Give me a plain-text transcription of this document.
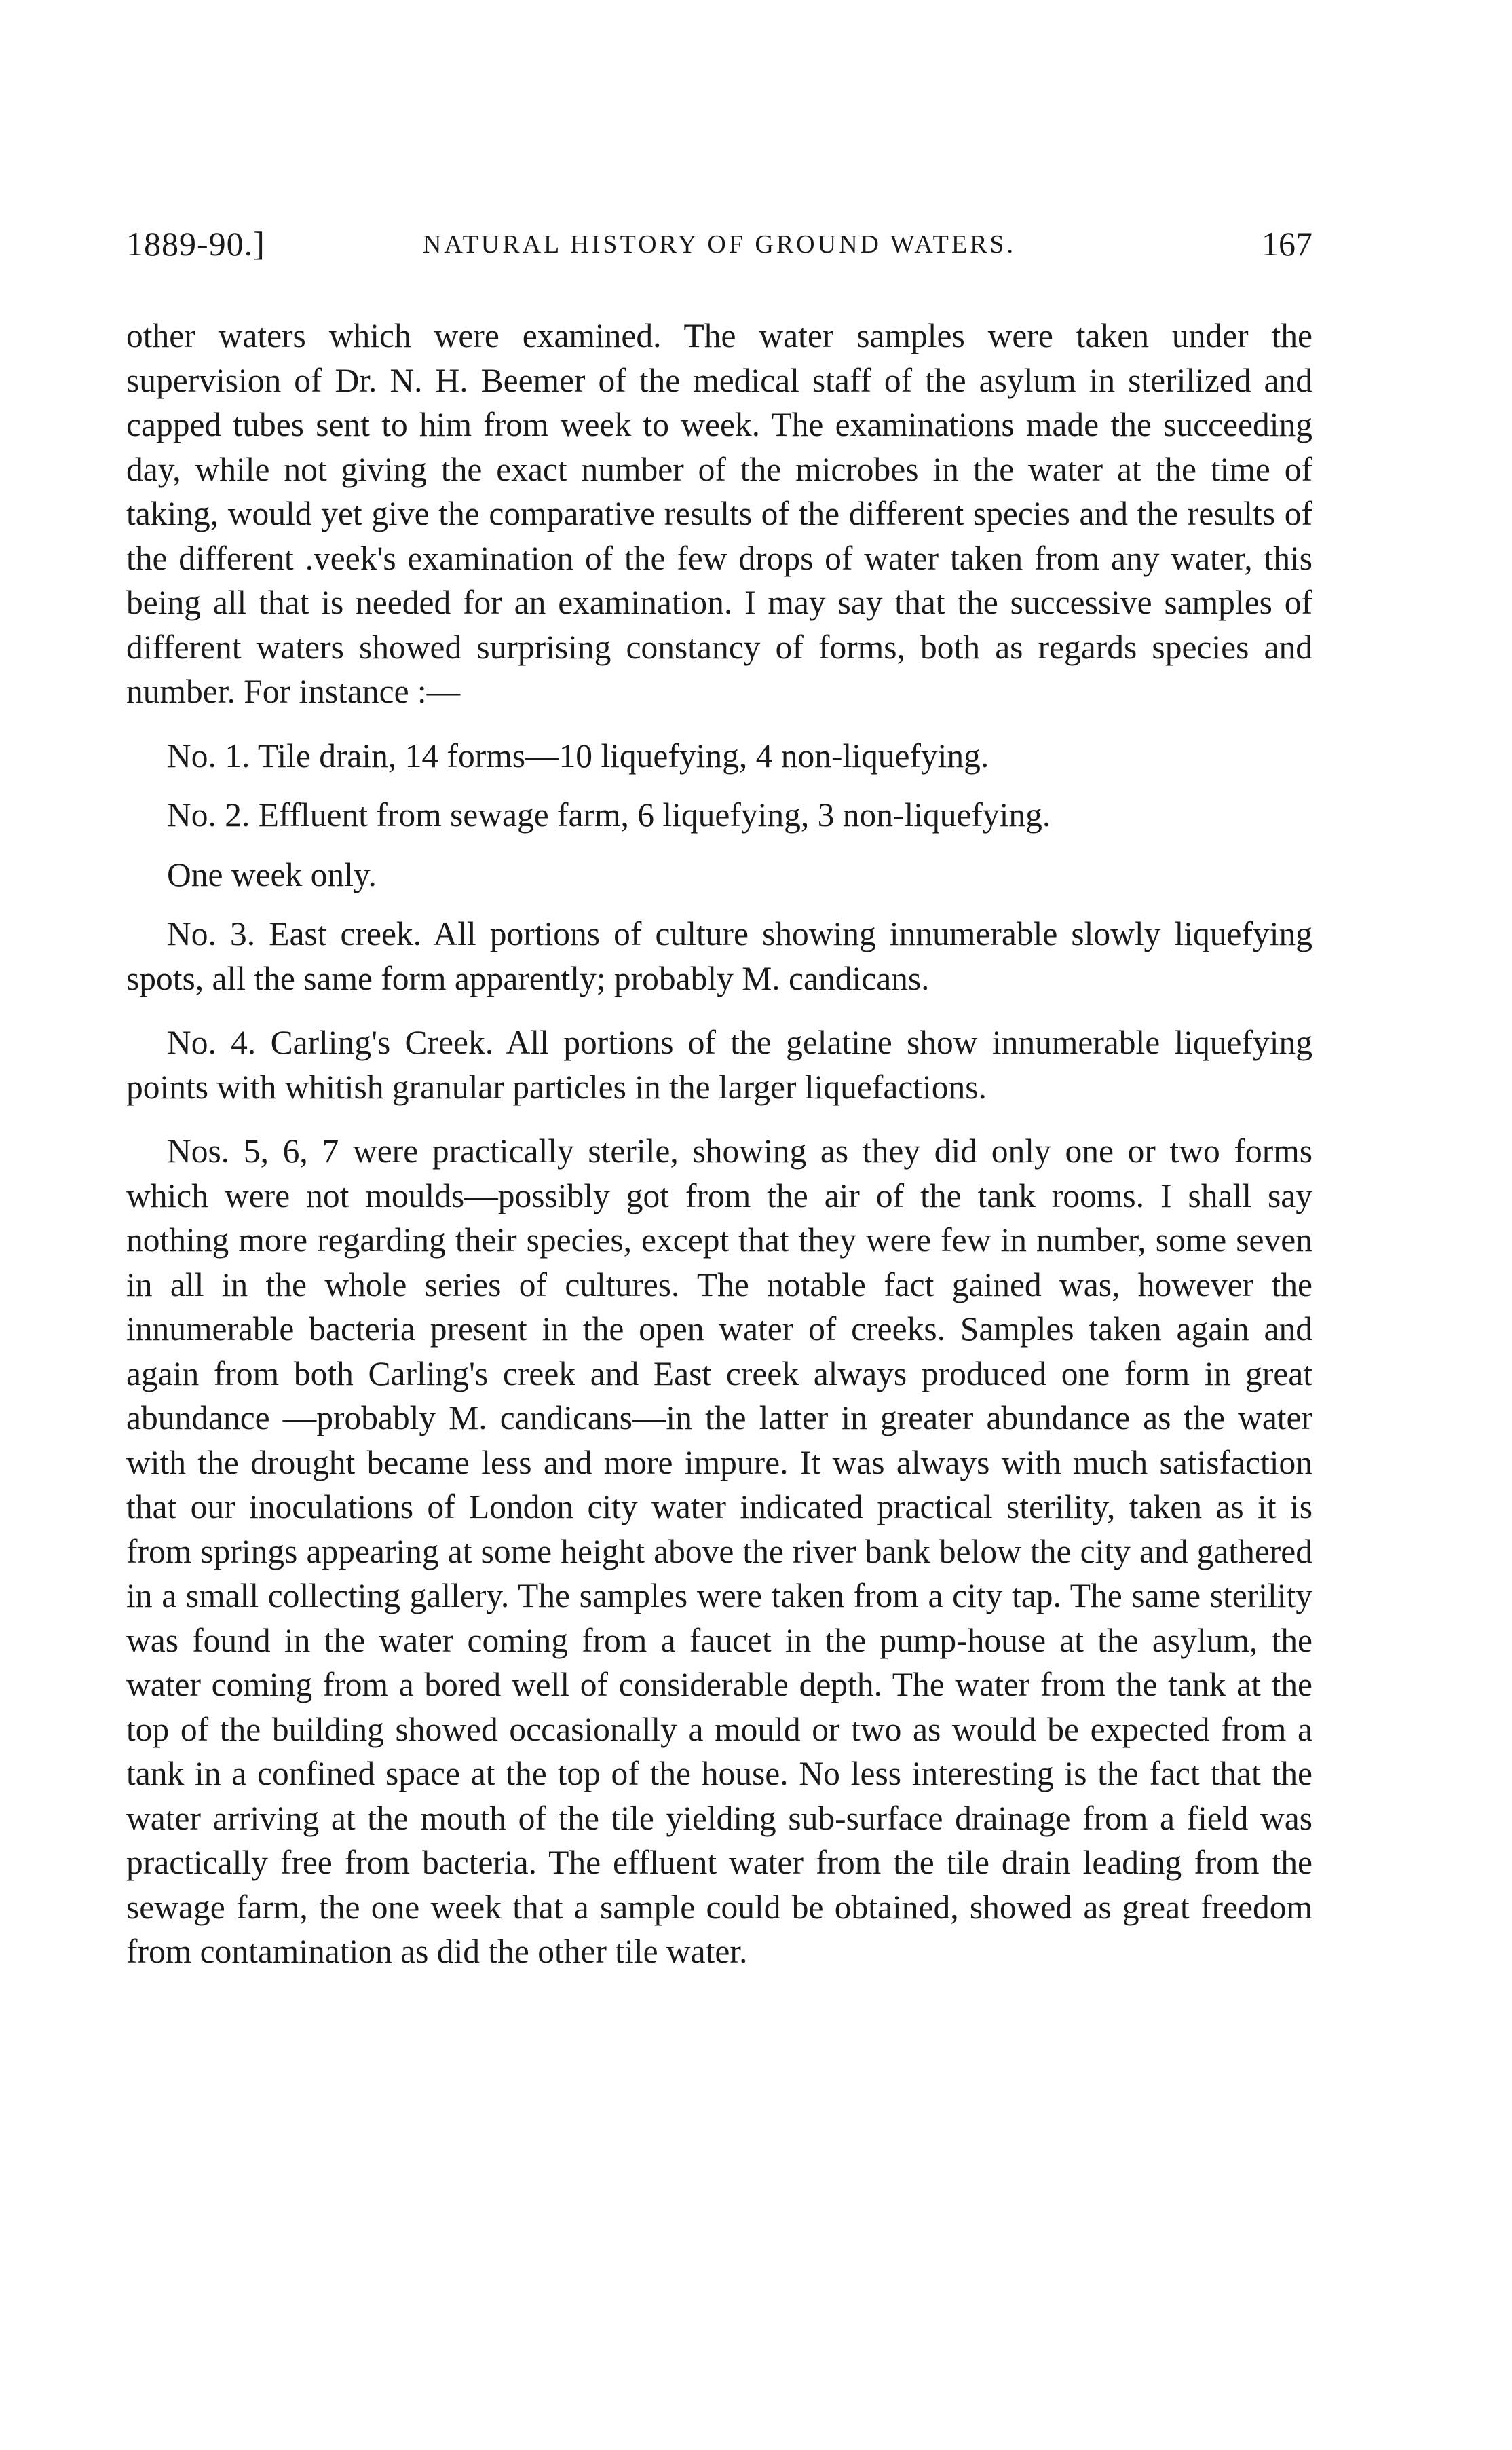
1889-90.]	NATURAL HISTORY OF GROUND WATERS.	167

other waters which were examined. The water samples were taken under the supervision of Dr. N. H. Beemer of the medical staff of the asylum in sterilized and capped tubes sent to him from week to week. The examinations made the succeeding day, while not giving the exact number of the microbes in the water at the time of taking, would yet give the comparative results of the different species and the results of the different .veek's examination of the few drops of water taken from any water, this being all that is needed for an examination. I may say that the successive samples of different waters showed surprising constancy of forms, both as regards species and number. For instance :—

No. 1. Tile drain, 14 forms—10 liquefying, 4 non-liquefying.

No. 2. Effluent from sewage farm, 6 liquefying, 3 non-liquefying.

One week only.

No. 3. East creek. All portions of culture showing innumerable slowly liquefying spots, all the same form apparently; probably M. candicans.

No. 4. Carling's Creek. All portions of the gelatine show innumerable liquefying points with whitish granular particles in the larger liquefactions.

Nos. 5, 6, 7 were practically sterile, showing as they did only one or two forms which were not moulds—possibly got from the air of the tank rooms. I shall say nothing more regarding their species, except that they were few in number, some seven in all in the whole series of cultures. The notable fact gained was, however the innumerable bacteria present in the open water of creeks. Samples taken again and again from both Carling's creek and East creek always produced one form in great abundance —probably M. candicans—in the latter in greater abundance as the water with the drought became less and more impure. It was always with much satisfaction that our inoculations of London city water indicated practical sterility, taken as it is from springs appearing at some height above the river bank below the city and gathered in a small collecting gallery. The samples were taken from a city tap. The same sterility was found in the water coming from a faucet in the pump-house at the asylum, the water coming from a bored well of considerable depth. The water from the tank at the top of the building showed occasionally a mould or two as would be expected from a tank in a confined space at the top of the house. No less interesting is the fact that the water arriving at the mouth of the tile yielding sub-surface drainage from a field was practically free from bacteria. The effluent water from the tile drain leading from the sewage farm, the one week that a sample could be obtained, showed as great freedom from contamination as did the other tile water.
